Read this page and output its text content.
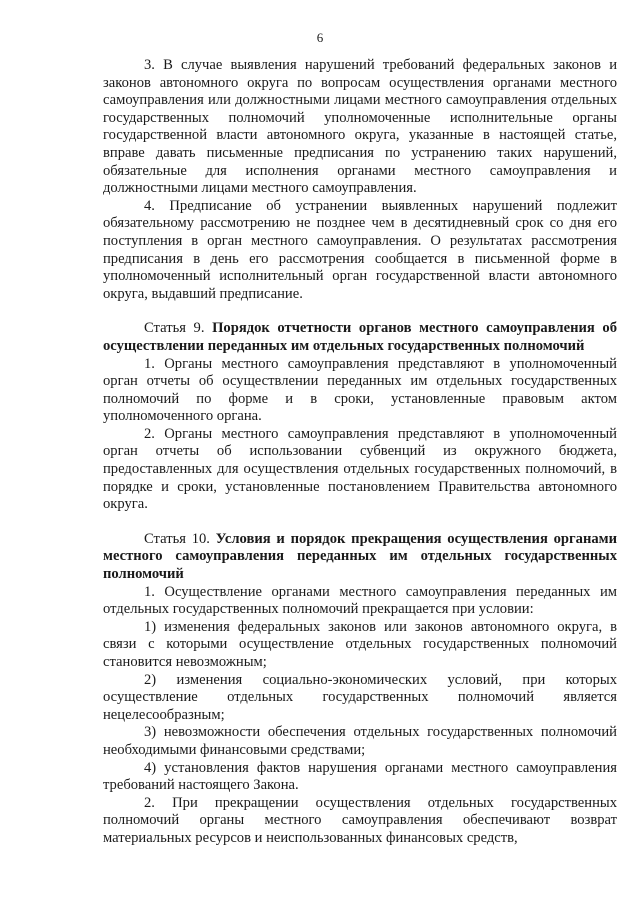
6

3. В случае выявления нарушений требований федеральных законов и законов автономного округа по вопросам осуществления органами местного самоуправления или должностными лицами местного самоуправления отдельных государственных полномочий уполномоченные исполнительные органы государственной власти автономного округа, указанные в настоящей статье, вправе давать письменные предписания по устранению таких нарушений, обязательные для исполнения органами местного самоуправления и должностными лицами местного самоуправления.

4. Предписание об устранении выявленных нарушений подлежит обязательному рассмотрению не позднее чем в десятидневный срок со дня его поступления в орган местного самоуправления. О результатах рассмотрения предписания в день его рассмотрения сообщается в письменной форме в уполномоченный исполнительный орган государственной власти автономного округа, выдавший предписание.

Статья 9. Порядок отчетности органов местного самоуправления об осуществлении переданных им отдельных государственных полномочий

1. Органы местного самоуправления представляют в уполномоченный орган отчеты об осуществлении переданных им отдельных государственных полномочий по форме и в сроки, установленные правовым актом уполномоченного органа.

2. Органы местного самоуправления представляют в уполномоченный орган отчеты об использовании субвенций из окружного бюджета, предоставленных для осуществления отдельных государственных полномочий, в порядке и сроки, установленные постановлением Правительства автономного округа.

Статья 10. Условия и порядок прекращения осуществления органами местного самоуправления переданных им отдельных государственных полномочий

1. Осуществление органами местного самоуправления переданных им отдельных государственных полномочий прекращается при условии:

1) изменения федеральных законов или законов автономного округа, в связи с которыми осуществление отдельных государственных полномочий становится невозможным;

2) изменения социально-экономических условий, при которых осуществление отдельных государственных полномочий является нецелесообразным;

3) невозможности обеспечения отдельных государственных полномочий необходимыми финансовыми средствами;

4) установления фактов нарушения органами местного самоуправления требований настоящего Закона.

2. При прекращении осуществления отдельных государственных полномочий органы местного самоуправления обеспечивают возврат материальных ресурсов и неиспользованных финансовых средств,
